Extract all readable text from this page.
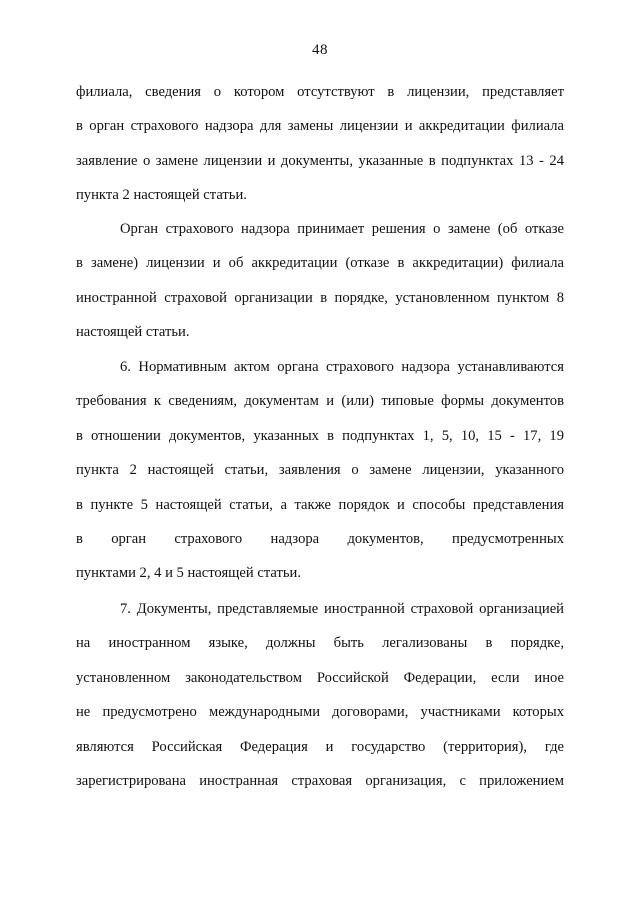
48
филиала, сведения о котором отсутствуют в лицензии, представляет
в орган страхового надзора для замены лицензии и аккредитации филиала
заявление о замене лицензии и документы, указанные в подпунктах 13 - 24
пункта 2 настоящей статьи.
Орган страхового надзора принимает решения о замене (об отказе
в замене) лицензии и об аккредитации (отказе в аккредитации) филиала
иностранной страховой организации в порядке, установленном пунктом 8
настоящей статьи.
6. Нормативным актом органа страхового надзора устанавливаются
требования к сведениям, документам и (или) типовые формы документов
в отношении документов, указанных в подпунктах 1, 5, 10, 15 - 17, 19
пункта 2 настоящей статьи, заявления о замене лицензии, указанного
в пункте 5 настоящей статьи, а также порядок и способы представления
в орган страхового надзора документов, предусмотренных
пунктами 2, 4 и 5 настоящей статьи.
7. Документы, представляемые иностранной страховой организацией
на иностранном языке, должны быть легализованы в порядке,
установленном законодательством Российской Федерации, если иное
не предусмотрено международными договорами, участниками которых
являются Российская Федерация и государство (территория), где
зарегистрирована иностранная страховая организация, с приложением
